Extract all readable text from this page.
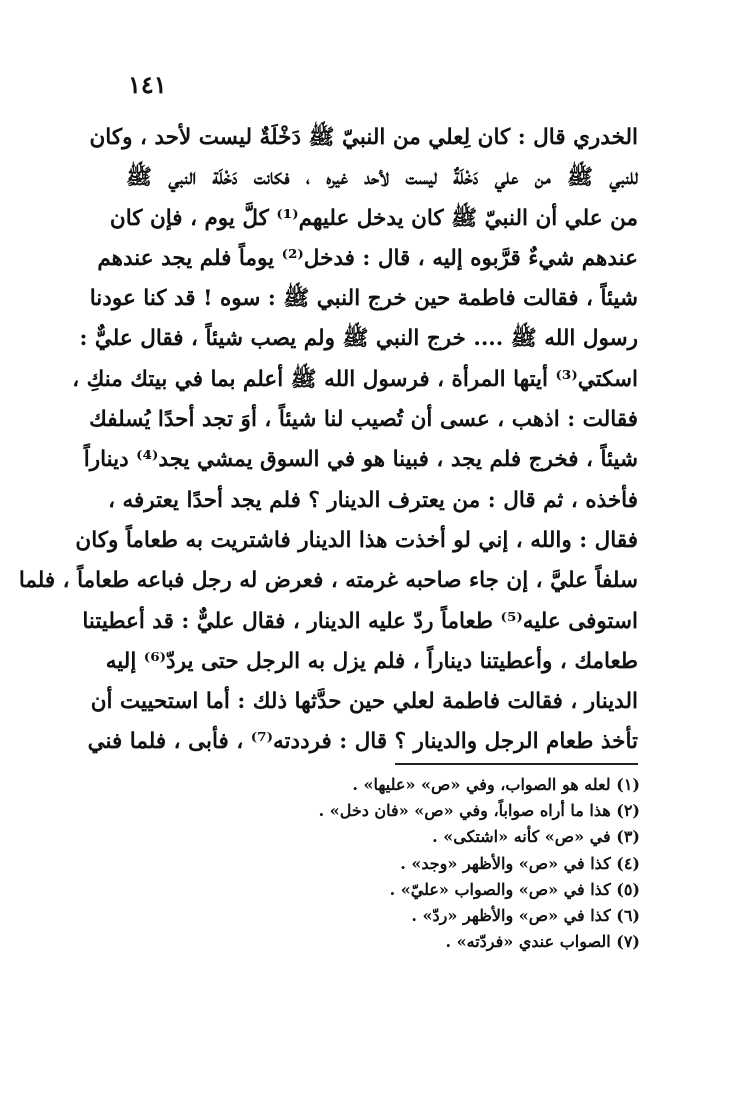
١٤١
الخدري قال : كان لِعلي من النبيّ ﷺ دَخْلَةٌ ليست لأحد ، وكان
للنبي ﷺ من علي دَخْلَةٌ ليست لأحد غيره ، فكانت دَخْلَة النبي ﷺ
من علي أن النبيّ ﷺ كان يدخل عليهم⁽¹⁾ كلَّ يوم ، فإن كان
عندهم شيءٌ قرَّبوه إليه ، قال : فدخل⁽²⁾ يوماً فلم يجد عندهم
شيئاً ، فقالت فاطمة حين خرج النبي ﷺ : سوه ! قد كنا عودنا
رسول الله ﷺ .... خرج النبي ﷺ ولم يصب شيئاً ، فقال عليٌّ :
اسكتي⁽³⁾ أيتها المرأة ، فرسول الله ﷺ أعلم بما في بيتك منكِ ،
فقالت : اذهب ، عسى أن تُصيب لنا شيئاً ، أوَ تجد أحدًا يُسلفك
شيئاً ، فخرج فلم يجد ، فبينا هو في السوق يمشي يجد⁽⁴⁾ ديناراً
فأخذه ، ثم قال : من يعترف الدينار ؟ فلم يجد أحدًا يعترفه ،
فقال : والله ، إني لو أخذت هذا الدينار فاشتريت به طعاماً وكان
سلفاً عليَّ ، إن جاء صاحبه غرمته ، فعرض له رجل فباعه طعاماً ، فلما
استوفى عليه⁽⁵⁾ طعاماً ردّ عليه الدينار ، فقال عليٌّ : قد أعطيتنا
طعامك ، وأعطيتنا ديناراً ، فلم يزل به الرجل حتى يردّ⁽⁶⁾ إليه
الدينار ، فقالت فاطمة لعلي حين حدَّثها ذلك : أما استحييت أن
تأخذ طعام الرجل والدينار ؟ قال : فرددته⁽⁷⁾ ، فأبى ، فلما فني
(١) لعله هو الصواب، وفي «ص» «عليها» .
(٢) هذا ما أراه صواباً، وفي «ص» «فان دخل» .
(٣) في «ص» كأنه «اشتكى» .
(٤) كذا في «ص» والأظهر «وجد» .
(٥) كذا في «ص» والصواب «عليّ» .
(٦) كذا في «ص» والأظهر «ردّ» .
(٧) الصواب عندي «فردّته» .
